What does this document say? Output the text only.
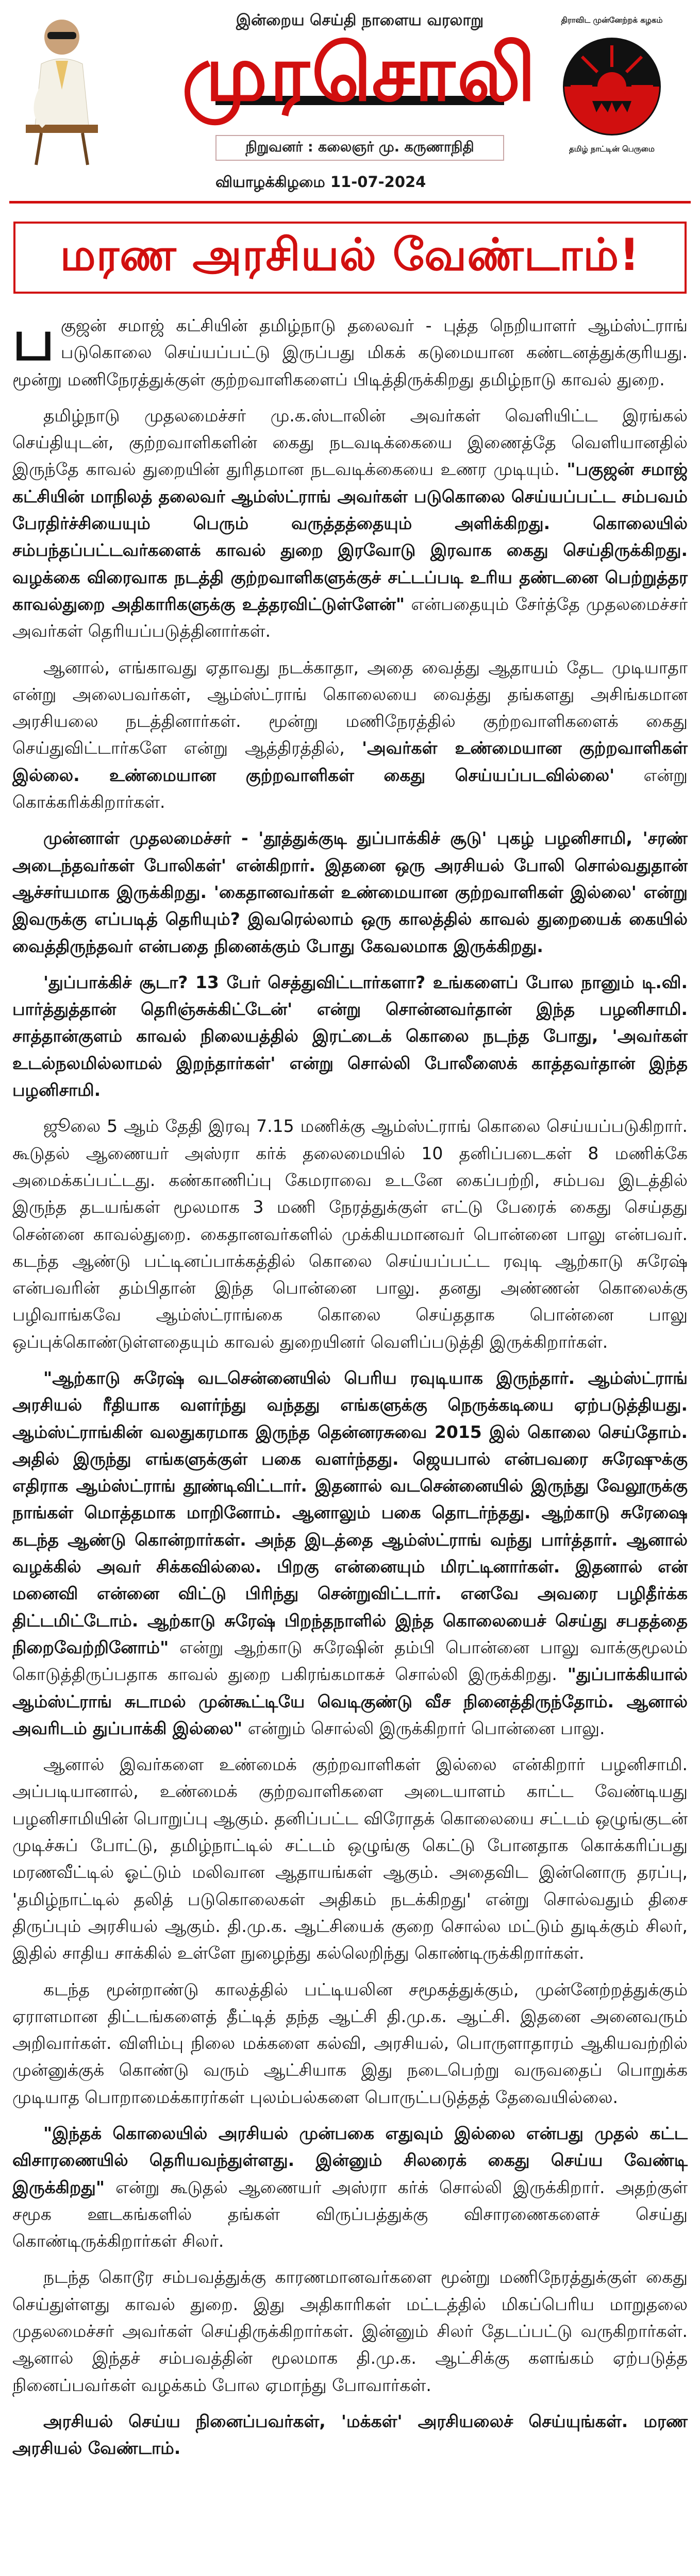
இன்றைய செய்தி நாளைய வரலாறு
முரசொலி
நிறுவனர் : கலைஞர் மு. கருணாநிதி
திராவிட முன்னேற்றக் கழகம்
தமிழ் நாட்டின் பெருமை
வியாழக்கிழமை 11-07-2024
மரண அரசியல் வேண்டாம்!

பகுஜன் சமாஜ் கட்சியின் தமிழ்நாடு தலைவர் - புத்த நெறியாளர் ஆம்ஸ்ட்ராங் படுகொலை செய்யப்பட்டு இருப்பது மிகக் கடுமையான கண்டனத்துக்குரியது. மூன்று மணிநேரத்துக்குள் குற்றவாளிகளைப் பிடித்திருக்கிறது தமிழ்நாடு காவல் துறை.

தமிழ்நாடு முதலமைச்சர் மு.க.ஸ்டாலின் அவர்கள் வெளியிட்ட இரங்கல் செய்தியுடன், குற்றவாளிகளின் கைது நடவடிக்கையை இணைத்தே வெளியானதில் இருந்தே காவல் துறையின் துரிதமான நடவடிக்கையை உணர முடியும். "பகுஜன் சமாஜ் கட்சியின் மாநிலத் தலைவர் ஆம்ஸ்ட்ராங் அவர்கள் படுகொலை செய்யப்பட்ட சம்பவம் பேரதிர்ச்சியையும் பெரும் வருத்தத்தையும் அளிக்கிறது. கொலையில் சம்பந்தப்பட்டவர்களைக் காவல் துறை இரவோடு இரவாக கைது செய்திருக்கிறது. வழக்கை விரைவாக நடத்தி குற்றவாளிகளுக்குச் சட்டப்படி உரிய தண்டனை பெற்றுத்தர காவல்துறை அதிகாரிகளுக்கு உத்தரவிட்டுள்ளேன்" என்பதையும் சேர்த்தே முதலமைச்சர் அவர்கள் தெரியப்படுத்தினார்கள்.

ஆனால், எங்காவது ஏதாவது நடக்காதா, அதை வைத்து ஆதாயம் தேட முடியாதா என்று அலைபவர்கள், ஆம்ஸ்ட்ராங் கொலையை வைத்து தங்களது அசிங்கமான அரசியலை நடத்தினார்கள். மூன்று மணிநேரத்தில் குற்றவாளிகளைக் கைது செய்துவிட்டார்களே என்று ஆத்திரத்தில், 'அவர்கள் உண்மையான குற்றவாளிகள் இல்லை. உண்மையான குற்றவாளிகள் கைது செய்யப்படவில்லை' என்று கொக்கரிக்கிறார்கள்.

முன்னாள் முதலமைச்சர் - 'தூத்துக்குடி துப்பாக்கிச் சூடு' புகழ் பழனிசாமி, 'சரண் அடைந்தவர்கள் போலிகள்' என்கிறார். இதனை ஒரு அரசியல் போலி சொல்வதுதான் ஆச்சர்யமாக இருக்கிறது. 'கைதானவர்கள் உண்மையான குற்றவாளிகள் இல்லை' என்று இவருக்கு எப்படித் தெரியும்? இவரெல்லாம் ஒரு காலத்தில் காவல் துறையைக் கையில் வைத்திருந்தவர் என்பதை நினைக்கும் போது கேவலமாக இருக்கிறது.

'துப்பாக்கிச் சூடா? 13 பேர் செத்துவிட்டார்களா? உங்களைப் போல நானும் டி.வி. பார்த்துத்தான் தெரிஞ்சுக்கிட்டேன்' என்று சொன்னவர்தான் இந்த பழனிசாமி. சாத்தான்குளம் காவல் நிலையத்தில் இரட்டைக் கொலை நடந்த போது, 'அவர்கள் உடல்நலமில்லாமல் இறந்தார்கள்' என்று சொல்லி போலீஸைக் காத்தவர்தான் இந்த பழனிசாமி.

ஜூலை 5 ஆம் தேதி இரவு 7.15 மணிக்கு ஆம்ஸ்ட்ராங் கொலை செய்யப்படுகிறார். கூடுதல் ஆணையர் அஸ்ரா கர்க் தலைமையில் 10 தனிப்படைகள் 8 மணிக்கே அமைக்கப்பட்டது. கண்காணிப்பு கேமராவை உடனே கைப்பற்றி, சம்பவ இடத்தில் இருந்த தடயங்கள் மூலமாக 3 மணி நேரத்துக்குள் எட்டு பேரைக் கைது செய்தது சென்னை காவல்துறை. கைதானவர்களில் முக்கியமானவர் பொன்னை பாலு என்பவர். கடந்த ஆண்டு பட்டினப்பாக்கத்தில் கொலை செய்யப்பட்ட ரவுடி ஆற்காடு சுரேஷ் என்பவரின் தம்பிதான் இந்த பொன்னை பாலு. தனது அண்ணன் கொலைக்கு பழிவாங்கவே ஆம்ஸ்ட்ராங்கை கொலை செய்ததாக பொன்னை பாலு ஒப்புக்கொண்டுள்ளதையும் காவல் துறையினர் வெளிப்படுத்தி இருக்கிறார்கள்.

"ஆற்காடு சுரேஷ் வடசென்னையில் பெரிய ரவுடியாக இருந்தார். ஆம்ஸ்ட்ராங் அரசியல் ரீதியாக வளர்ந்து வந்தது எங்களுக்கு நெருக்கடியை ஏற்படுத்தியது. ஆம்ஸ்ட்ராங்கின் வலதுகரமாக இருந்த தென்னரசுவை 2015 இல் கொலை செய்தோம். அதில் இருந்து எங்களுக்குள் பகை வளர்ந்தது. ஜெயபால் என்பவரை சுரேஷுக்கு எதிராக ஆம்ஸ்ட்ராங் தூண்டிவிட்டார். இதனால் வடசென்னையில் இருந்து வேலூருக்கு நாங்கள் மொத்தமாக மாறினோம். ஆனாலும் பகை தொடர்ந்தது. ஆற்காடு சுரேஷை கடந்த ஆண்டு கொன்றார்கள். அந்த இடத்தை ஆம்ஸ்ட்ராங் வந்து பார்த்தார். ஆனால் வழக்கில் அவர் சிக்கவில்லை. பிறகு என்னையும் மிரட்டினார்கள். இதனால் என் மனைவி என்னை விட்டு பிரிந்து சென்றுவிட்டார். எனவே அவரை பழிதீர்க்க திட்டமிட்டோம். ஆற்காடு சுரேஷ் பிறந்தநாளில் இந்த கொலையைச் செய்து சபதத்தை நிறைவேற்றினோம்" என்று ஆற்காடு சுரேஷின் தம்பி பொன்னை பாலு வாக்குமூலம் கொடுத்திருப்பதாக காவல் துறை பகிரங்கமாகச் சொல்லி இருக்கிறது. "துப்பாக்கியால் ஆம்ஸ்ட்ராங் சுடாமல் முன்கூட்டியே வெடிகுண்டு வீச நினைத்திருந்தோம். ஆனால் அவரிடம் துப்பாக்கி இல்லை" என்றும் சொல்லி இருக்கிறார் பொன்னை பாலு.

ஆனால் இவர்களை உண்மைக் குற்றவாளிகள் இல்லை என்கிறார் பழனிசாமி. அப்படியானால், உண்மைக் குற்றவாளிகளை அடையாளம் காட்ட வேண்டியது பழனிசாமியின் பொறுப்பு ஆகும். தனிப்பட்ட விரோதக் கொலையை சட்டம் ஒழுங்குடன் முடிச்சுப் போட்டு, தமிழ்நாட்டில் சட்டம் ஒழுங்கு கெட்டு போனதாக கொக்கரிப்பது மரணவீட்டில் ஓட்டும் மலிவான ஆதாயங்கள் ஆகும். அதைவிட இன்னொரு தரப்பு, 'தமிழ்நாட்டில் தலித் படுகொலைகள் அதிகம் நடக்கிறது' என்று சொல்வதும் திசை திருப்பும் அரசியல் ஆகும். தி.மு.க. ஆட்சியைக் குறை சொல்ல மட்டும் துடிக்கும் சிலர், இதில் சாதிய சாக்கில் உள்ளே நுழைந்து கல்லெறிந்து கொண்டிருக்கிறார்கள்.

கடந்த மூன்றாண்டு காலத்தில் பட்டியலின சமூகத்துக்கும், முன்னேற்றத்துக்கும் ஏராளமான திட்டங்களைத் தீட்டித் தந்த ஆட்சி தி.மு.க. ஆட்சி. இதனை அனைவரும் அறிவார்கள். விளிம்பு நிலை மக்களை கல்வி, அரசியல், பொருளாதாரம் ஆகியவற்றில் முன்னுக்குக் கொண்டு வரும் ஆட்சியாக இது நடைபெற்று வருவதைப் பொறுக்க முடியாத பொறாமைக்காரர்கள் புலம்பல்களை பொருட்படுத்தத் தேவையில்லை.

"இந்தக் கொலையில் அரசியல் முன்பகை எதுவும் இல்லை என்பது முதல் கட்ட விசாரணையில் தெரியவந்துள்ளது. இன்னும் சிலரைக் கைது செய்ய வேண்டி இருக்கிறது" என்று கூடுதல் ஆணையர் அஸ்ரா கர்க் சொல்லி இருக்கிறார். அதற்குள் சமூக ஊடகங்களில் தங்கள் விருப்பத்துக்கு விசாரணைகளைச் செய்து கொண்டிருக்கிறார்கள் சிலர்.

நடந்த கொடூர சம்பவத்துக்கு காரணமானவர்களை மூன்று மணிநேரத்துக்குள் கைது செய்துள்ளது காவல் துறை. இது அதிகாரிகள் மட்டத்தில் மிகப்பெரிய மாறுதலை முதலமைச்சர் அவர்கள் செய்திருக்கிறார்கள். இன்னும் சிலர் தேடப்பட்டு வருகிறார்கள். ஆனால் இந்தச் சம்பவத்தின் மூலமாக தி.மு.க. ஆட்சிக்கு களங்கம் ஏற்படுத்த நினைப்பவர்கள் வழக்கம் போல ஏமாந்து போவார்கள்.

அரசியல் செய்ய நினைப்பவர்கள், 'மக்கள்' அரசியலைச் செய்யுங்கள். மரண அரசியல் வேண்டாம்.
